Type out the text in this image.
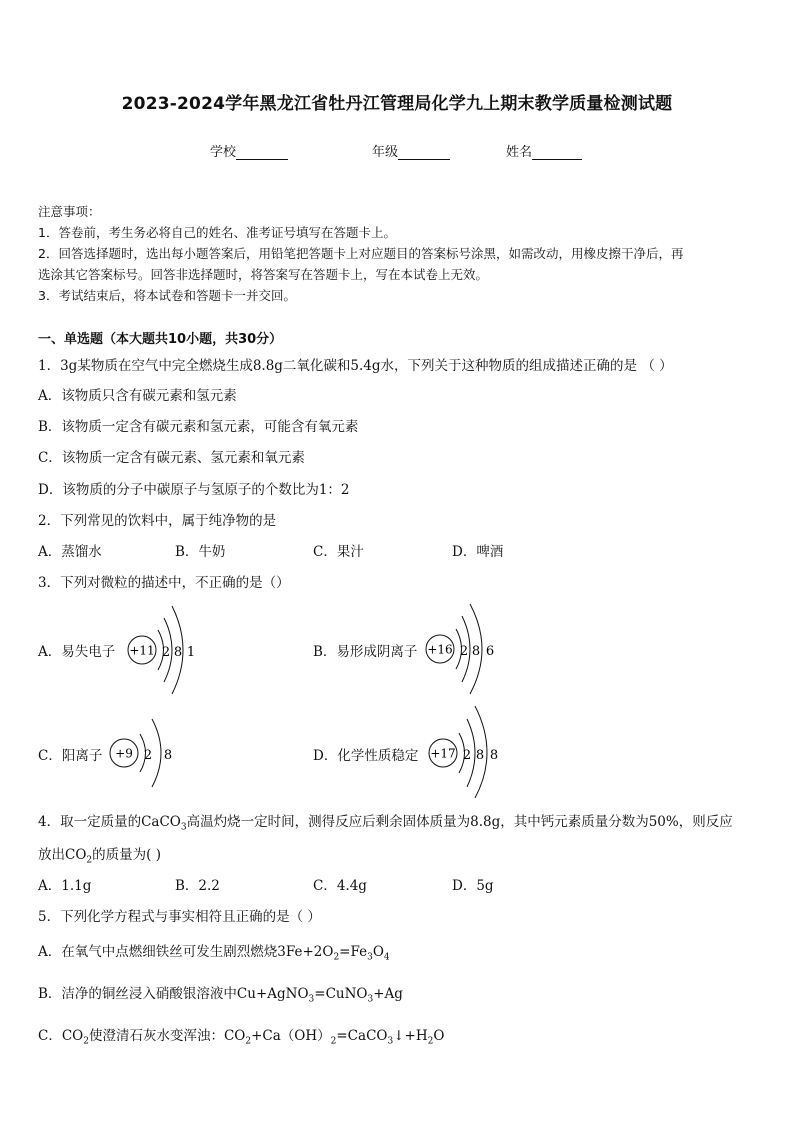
2023-2024学年黑龙江省牡丹江管理局化学九上期末教学质量检测试题
学校	年级	姓名
注意事项：
1．答卷前，考生务必将自己的姓名、准考证号填写在答题卡上。
2．回答选择题时，选出每小题答案后，用铅笔把答题卡上对应题目的答案标号涂黑，如需改动，用橡皮擦干净后，再
选涂其它答案标号。回答非选择题时，将答案写在答题卡上，写在本试卷上无效。
3．考试结束后，将本试卷和答题卡一并交回。
一、单选题（本大题共10小题，共30分）
1．3g某物质在空气中完全燃烧生成8.8g二氧化碳和5.4g水，下列关于这种物质的组成描述正确的是 （ ）
A．该物质只含有碳元素和氢元素
B．该物质一定含有碳元素和氢元素，可能含有氧元素
C．该物质一定含有碳元素、氢元素和氧元素
D．该物质的分子中碳原子与氢原子的个数比为1：2
2．下列常见的饮料中，属于纯净物的是
A．蒸馏水	B．牛奶	C．果汁	D．啤酒
3．下列对微粒的描述中，不正确的是（）
A．易失电子 +11 2 8 1	B．易形成阴离子 +16 2 8 6
C．阳离子 +9 2 8	D．化学性质稳定 +17 2 8 8
4．取一定质量的CaCO$_3$高温灼烧一定时间，测得反应后剩余固体质量为8.8g，其中钙元素质量分数为50%，则反应
放出$CO_2$的质量为( )
A．1.1g	B．2.2	C．4.4g	D．5g
5．下列化学方程式与事实相符且正确的是（ ）
A．在氧气中点燃细铁丝可发生剧烈燃烧$3Fe+2O_2=Fe_3O_4$
B．洁净的铜丝浸入硝酸银溶液中Cu+AgNO$_3$=CuNO$_3$+Ag
C．$CO_2$使澄清石灰水变浑浊：$CO_2+Ca(OH)_2=CaCO_3↓+H_2O$
